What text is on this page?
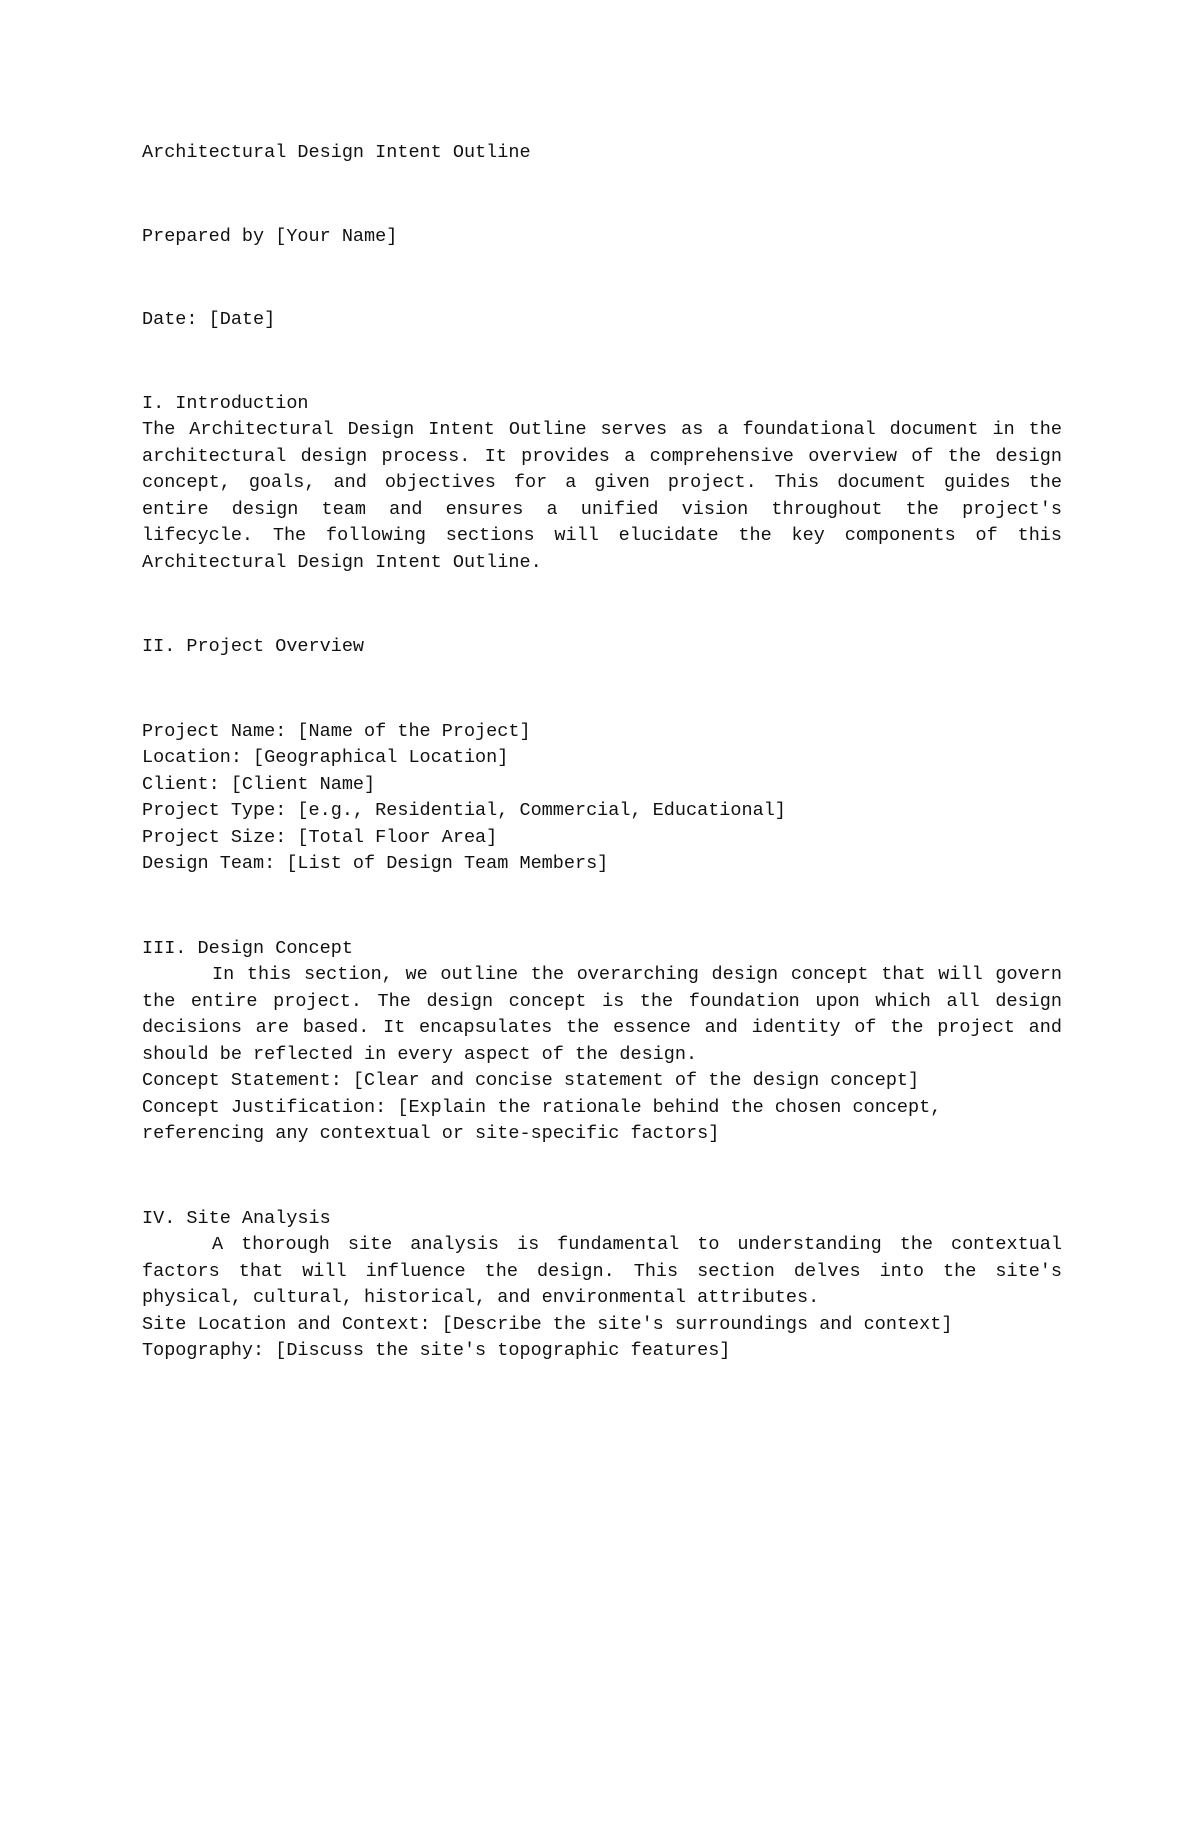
Architectural Design Intent Outline

Prepared by [Your Name]

Date: [Date]

I. Introduction

The Architectural Design Intent Outline serves as a foundational document in the architectural design process. It provides a comprehensive overview of the design concept, goals, and objectives for a given project. This document guides the entire design team and ensures a unified vision throughout the project's lifecycle. The following sections will elucidate the key components of this Architectural Design Intent Outline.

II. Project Overview

Project Name: [Name of the Project]

Location: [Geographical Location]

Client: [Client Name]

Project Type: [e.g., Residential, Commercial, Educational]

Project Size: [Total Floor Area]

Design Team: [List of Design Team Members]

III. Design Concept

In this section, we outline the overarching design concept that will govern the entire project. The design concept is the foundation upon which all design decisions are based. It encapsulates the essence and identity of the project and should be reflected in every aspect of the design.

Concept Statement: [Clear and concise statement of the design concept]

Concept Justification: [Explain the rationale behind the chosen concept, referencing any contextual or site-specific factors]

IV. Site Analysis

A thorough site analysis is fundamental to understanding the contextual factors that will influence the design. This section delves into the site's physical, cultural, historical, and environmental attributes.

Site Location and Context: [Describe the site's surroundings and context]

Topography: [Discuss the site's topographic features]
